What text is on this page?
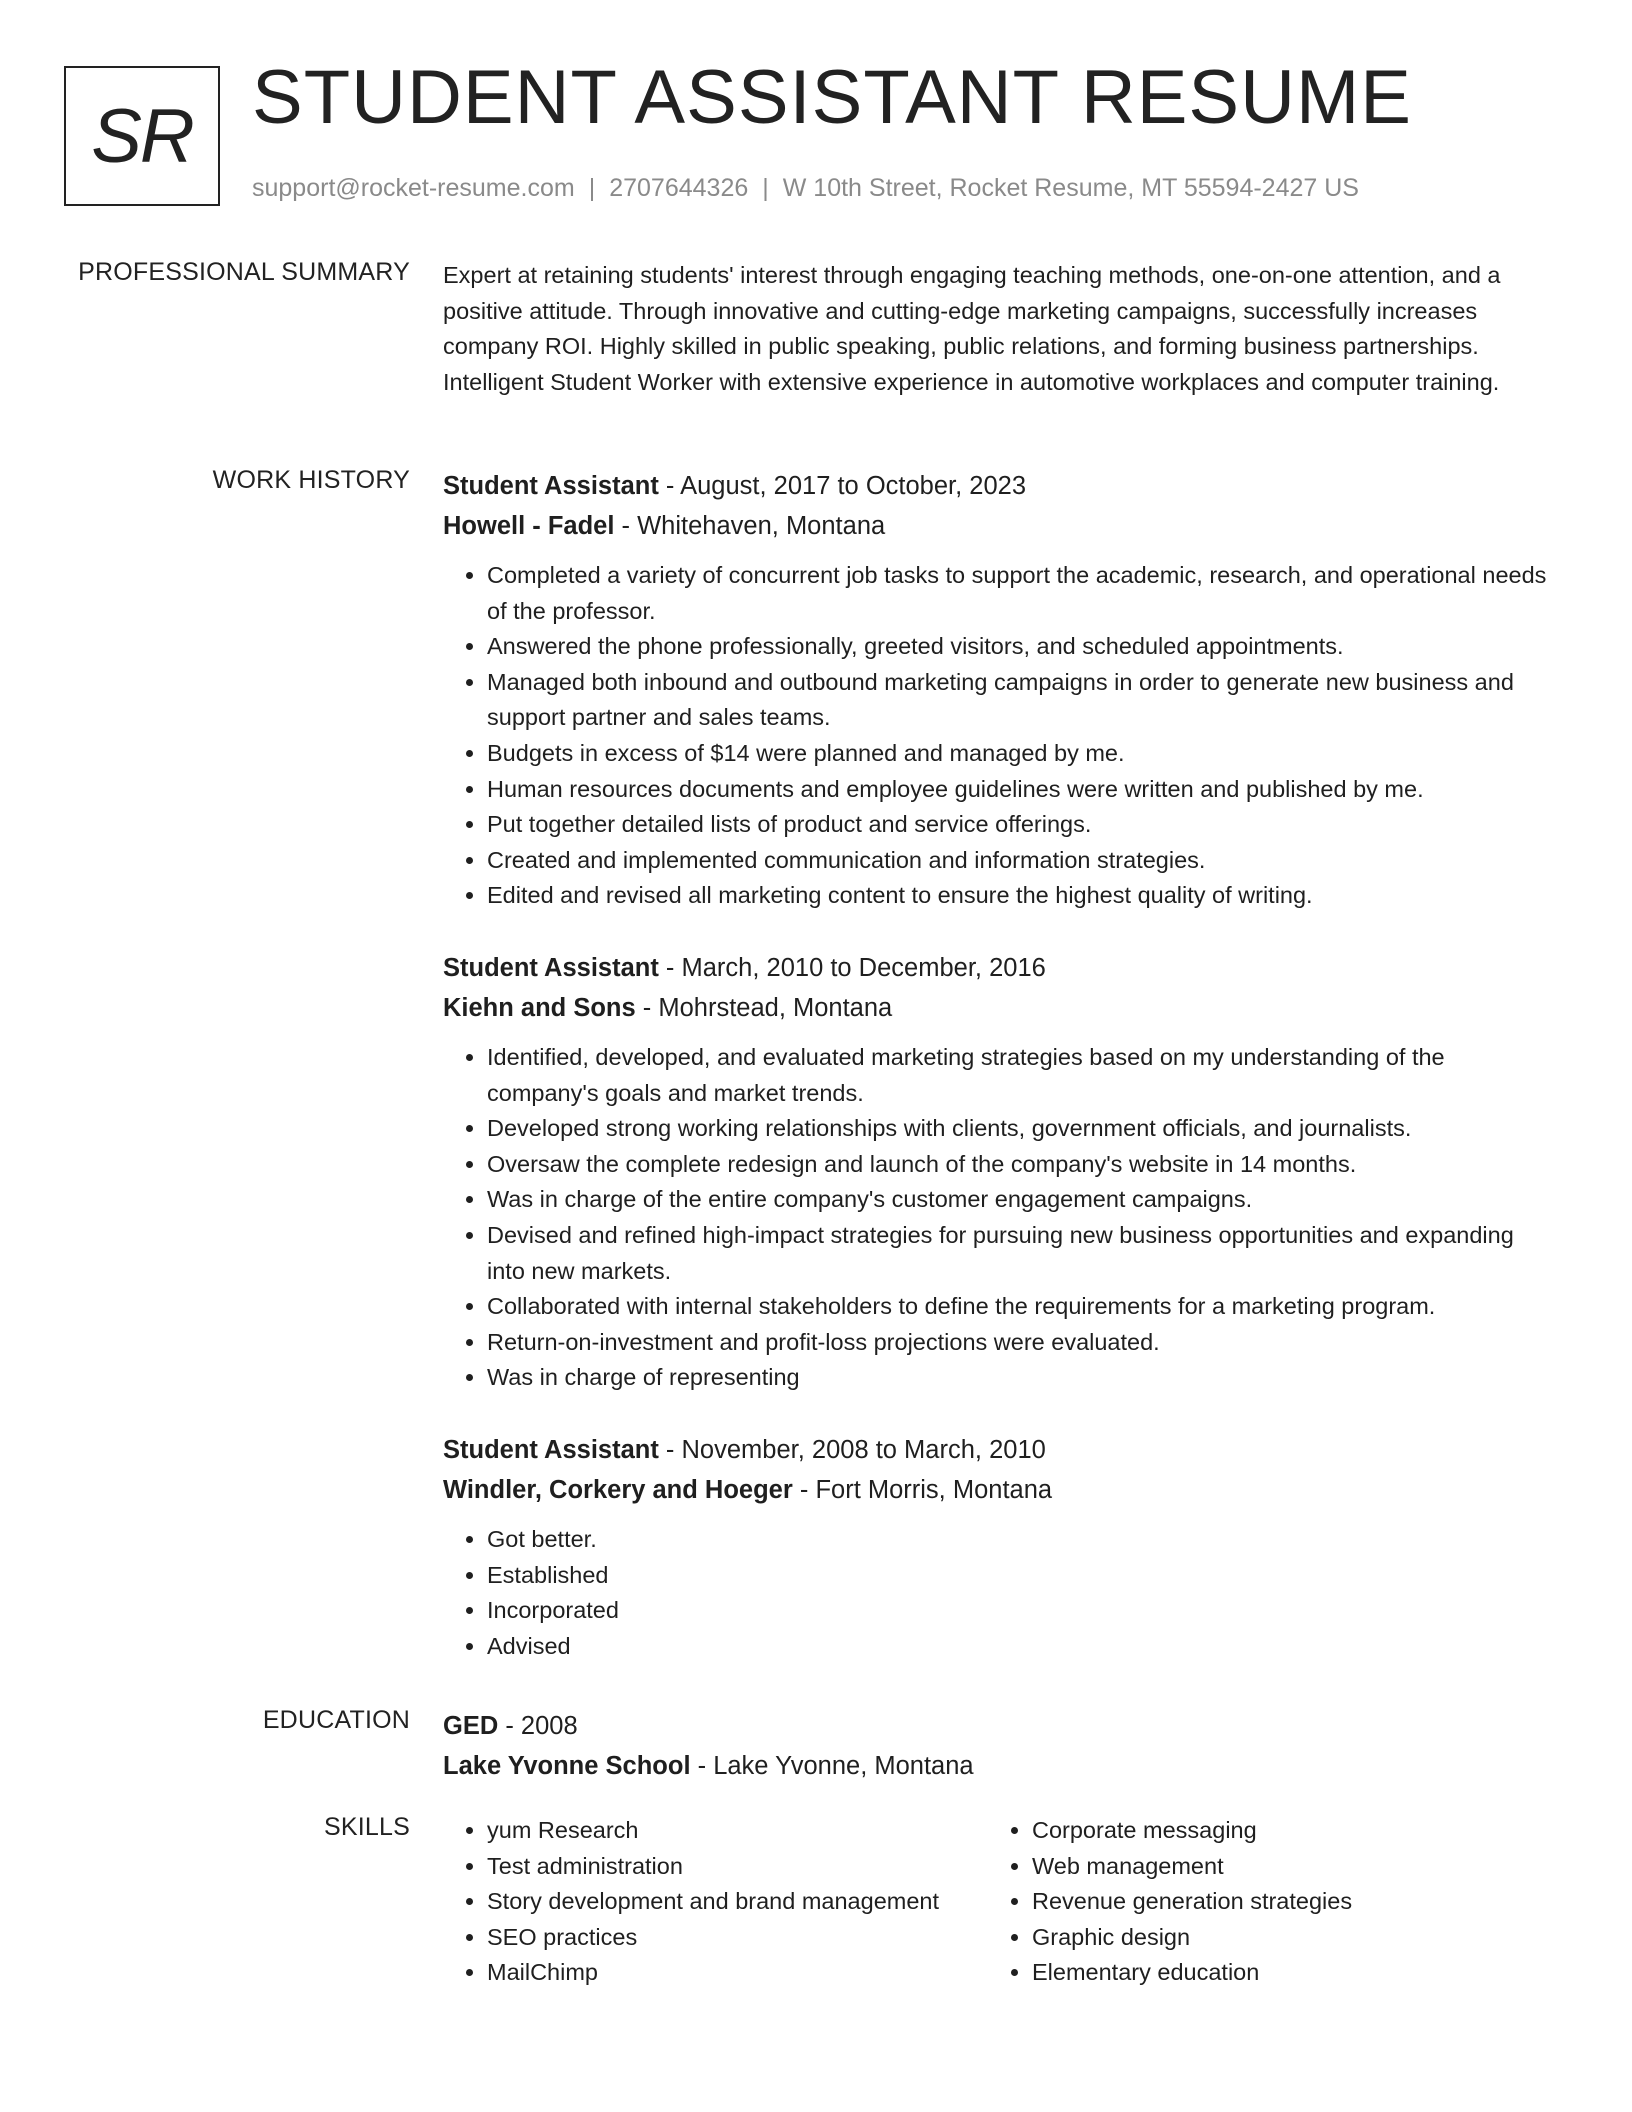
SR STUDENT ASSISTANT RESUME
support@rocket-resume.com | 2707644326 | W 10th Street, Rocket Resume, MT 55594-2427 US
PROFESSIONAL SUMMARY Expert at retaining students' interest through engaging teaching methods, one-on-one attention, and a positive attitude. Through innovative and cutting-edge marketing campaigns, successfully increases company ROI. Highly skilled in public speaking, public relations, and forming business partnerships. Intelligent Student Worker with extensive experience in automotive workplaces and computer training.

WORK HISTORY Student Assistant - August, 2017 to October, 2023

Howell - Fadel - Whitehaven, Montana

• Completed a variety of concurrent job tasks to support the academic, research, and operational needs of the professor.
• Answered the phone professionally, greeted visitors, and scheduled appointments.
• Managed both inbound and outbound marketing campaigns in order to generate new business and support partner and sales teams.
• Budgets in excess of $14 were planned and managed by me.
• Human resources documents and employee guidelines were written and published by me.
• Put together detailed lists of product and service offerings.
• Created and implemented communication and information strategies.
• Edited and revised all marketing content to ensure the highest quality of writing.

Student Assistant - March, 2010 to December, 2016

Kiehn and Sons - Mohrstead, Montana

• Identified, developed, and evaluated marketing strategies based on my understanding of the company's goals and market trends.
• Developed strong working relationships with clients, government officials, and journalists.
• Oversaw the complete redesign and launch of the company's website in 14 months.
• Was in charge of the entire company's customer engagement campaigns.
• Devised and refined high-impact strategies for pursuing new business opportunities and expanding into new markets.
• Collaborated with internal stakeholders to define the requirements for a marketing program.
• Return-on-investment and profit-loss projections were evaluated.
• Was in charge of representing

Student Assistant - November, 2008 to March, 2010

Windler, Corkery and Hoeger - Fort Morris, Montana

• Got better.
• Established
• Incorporated
• Advised
EDUCATION GED - 2008

Lake Yvonne School - Lake Yvonne, Montana

SKILLS
•	yum Research
• Test administration
• Story development and brand management
• SEO practices
• MailChimp
• Corporate messaging
• Web management
• Revenue generation strategies
• Graphic design
• Elementary education
